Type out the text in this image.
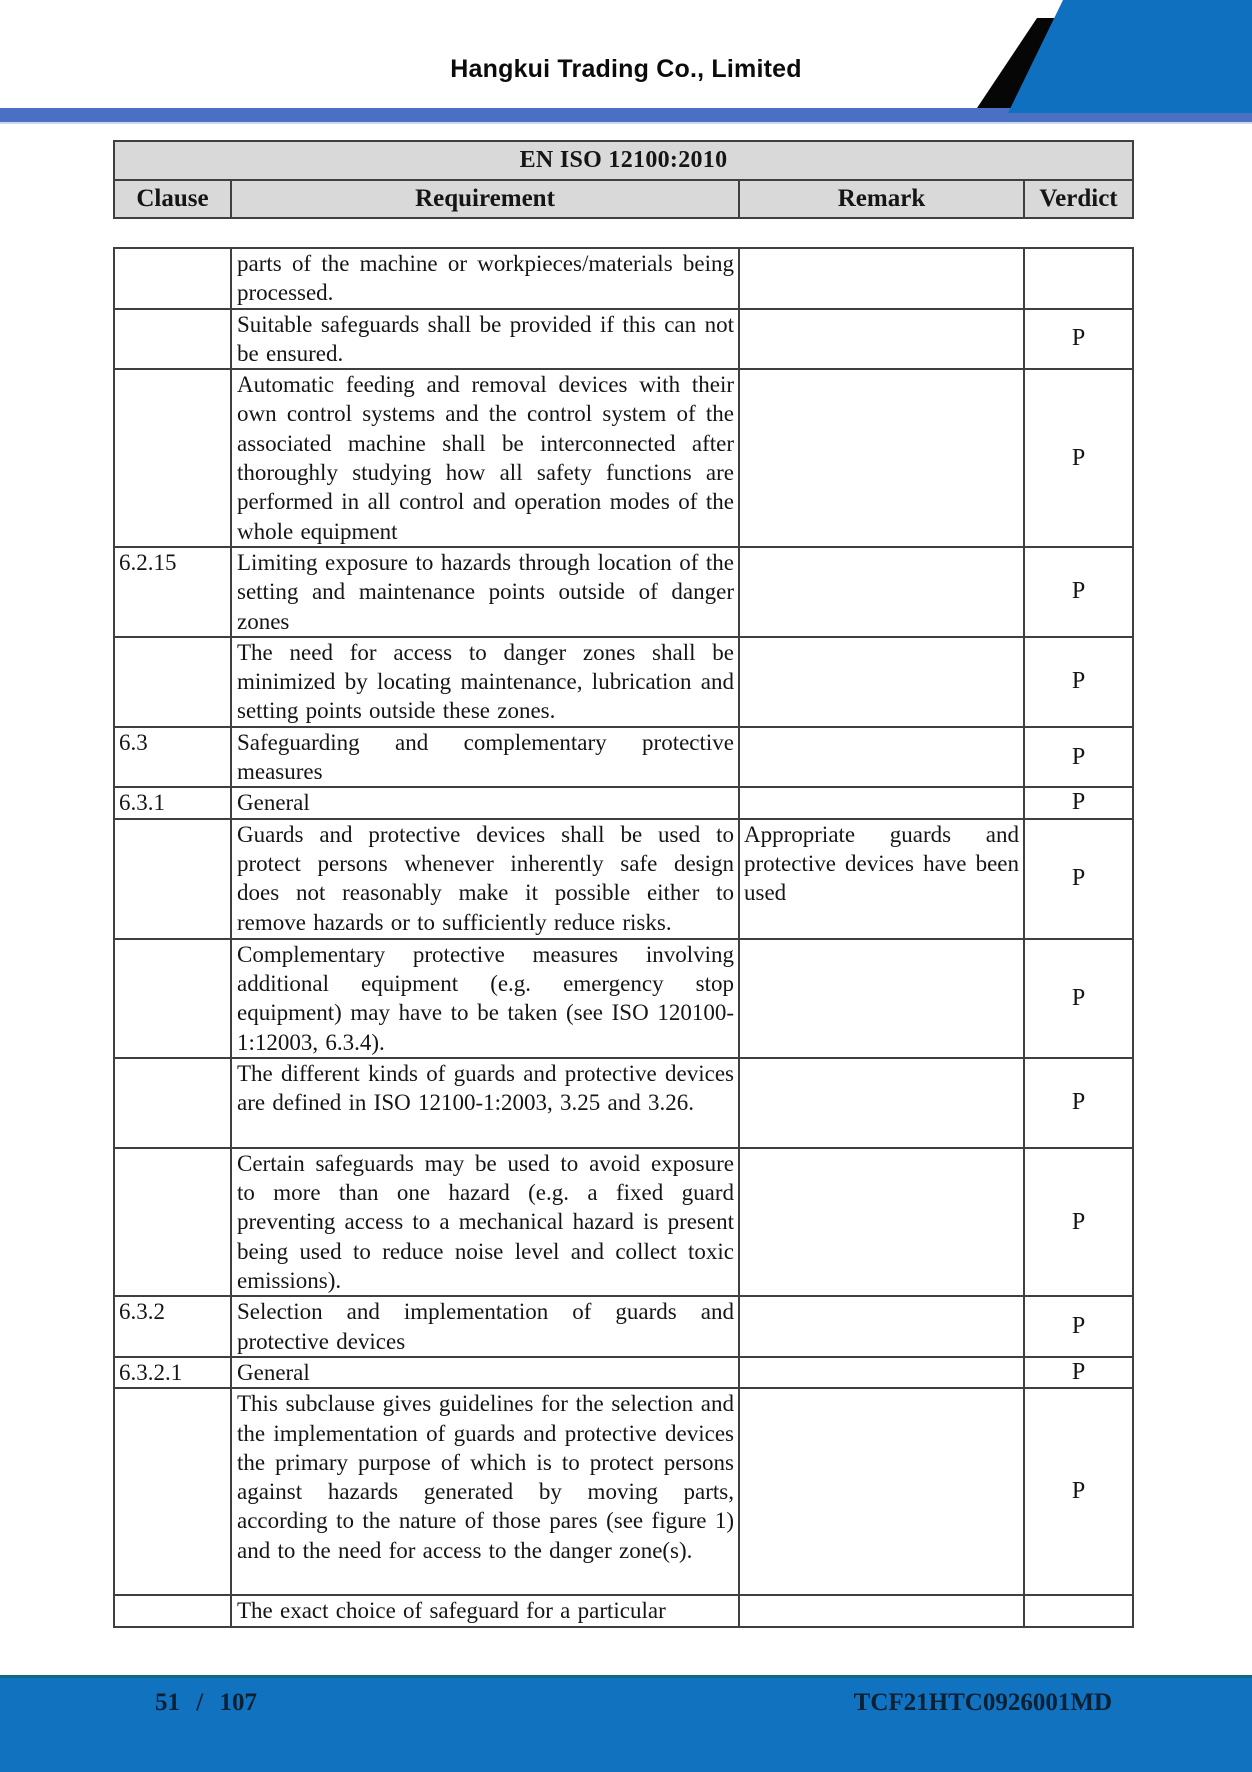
Hangkui Trading Co., Limited
EN ISO 12100:2010
Clause	Requirement	Remark	Verdict
	parts of the machine or workpieces/materials being processed.		
	Suitable safeguards shall be provided if this can not be ensured.		P
	Automatic feeding and removal devices with their own control systems and the control system of the associated machine shall be interconnected after thoroughly studying how all safety functions are performed in all control and operation modes of the whole equipment		P
6.2.15	Limiting exposure to hazards through location of the setting and maintenance points outside of danger zones		P
	The need for access to danger zones shall be minimized by locating maintenance, lubrication and setting points outside these zones.		P
6.3	Safeguarding and complementary protective measures		P
6.3.1	General		P
	Guards and protective devices shall be used to protect persons whenever inherently safe design does not reasonably make it possible either to remove hazards or to sufficiently reduce risks.	Appropriate guards and protective devices have been used	P
	Complementary protective measures involving additional equipment (e.g. emergency stop equipment) may have to be taken (see ISO 120100-1:12003, 6.3.4).		P
	The different kinds of guards and protective devices are defined in ISO 12100-1:2003, 3.25 and 3.26.		P
	Certain safeguards may be used to avoid exposure to more than one hazard (e.g. a fixed guard preventing access to a mechanical hazard is present being used to reduce noise level and collect toxic emissions).		P
6.3.2	Selection and implementation of guards and protective devices		P
6.3.2.1	General		P
	This subclause gives guidelines for the selection and the implementation of guards and protective devices the primary purpose of which is to protect persons against hazards generated by moving parts, according to the nature of those pares (see figure 1) and to the need for access to the danger zone(s).		P
	The exact choice of safeguard for a particular		
51 / 107	TCF21HTC0926001MD
